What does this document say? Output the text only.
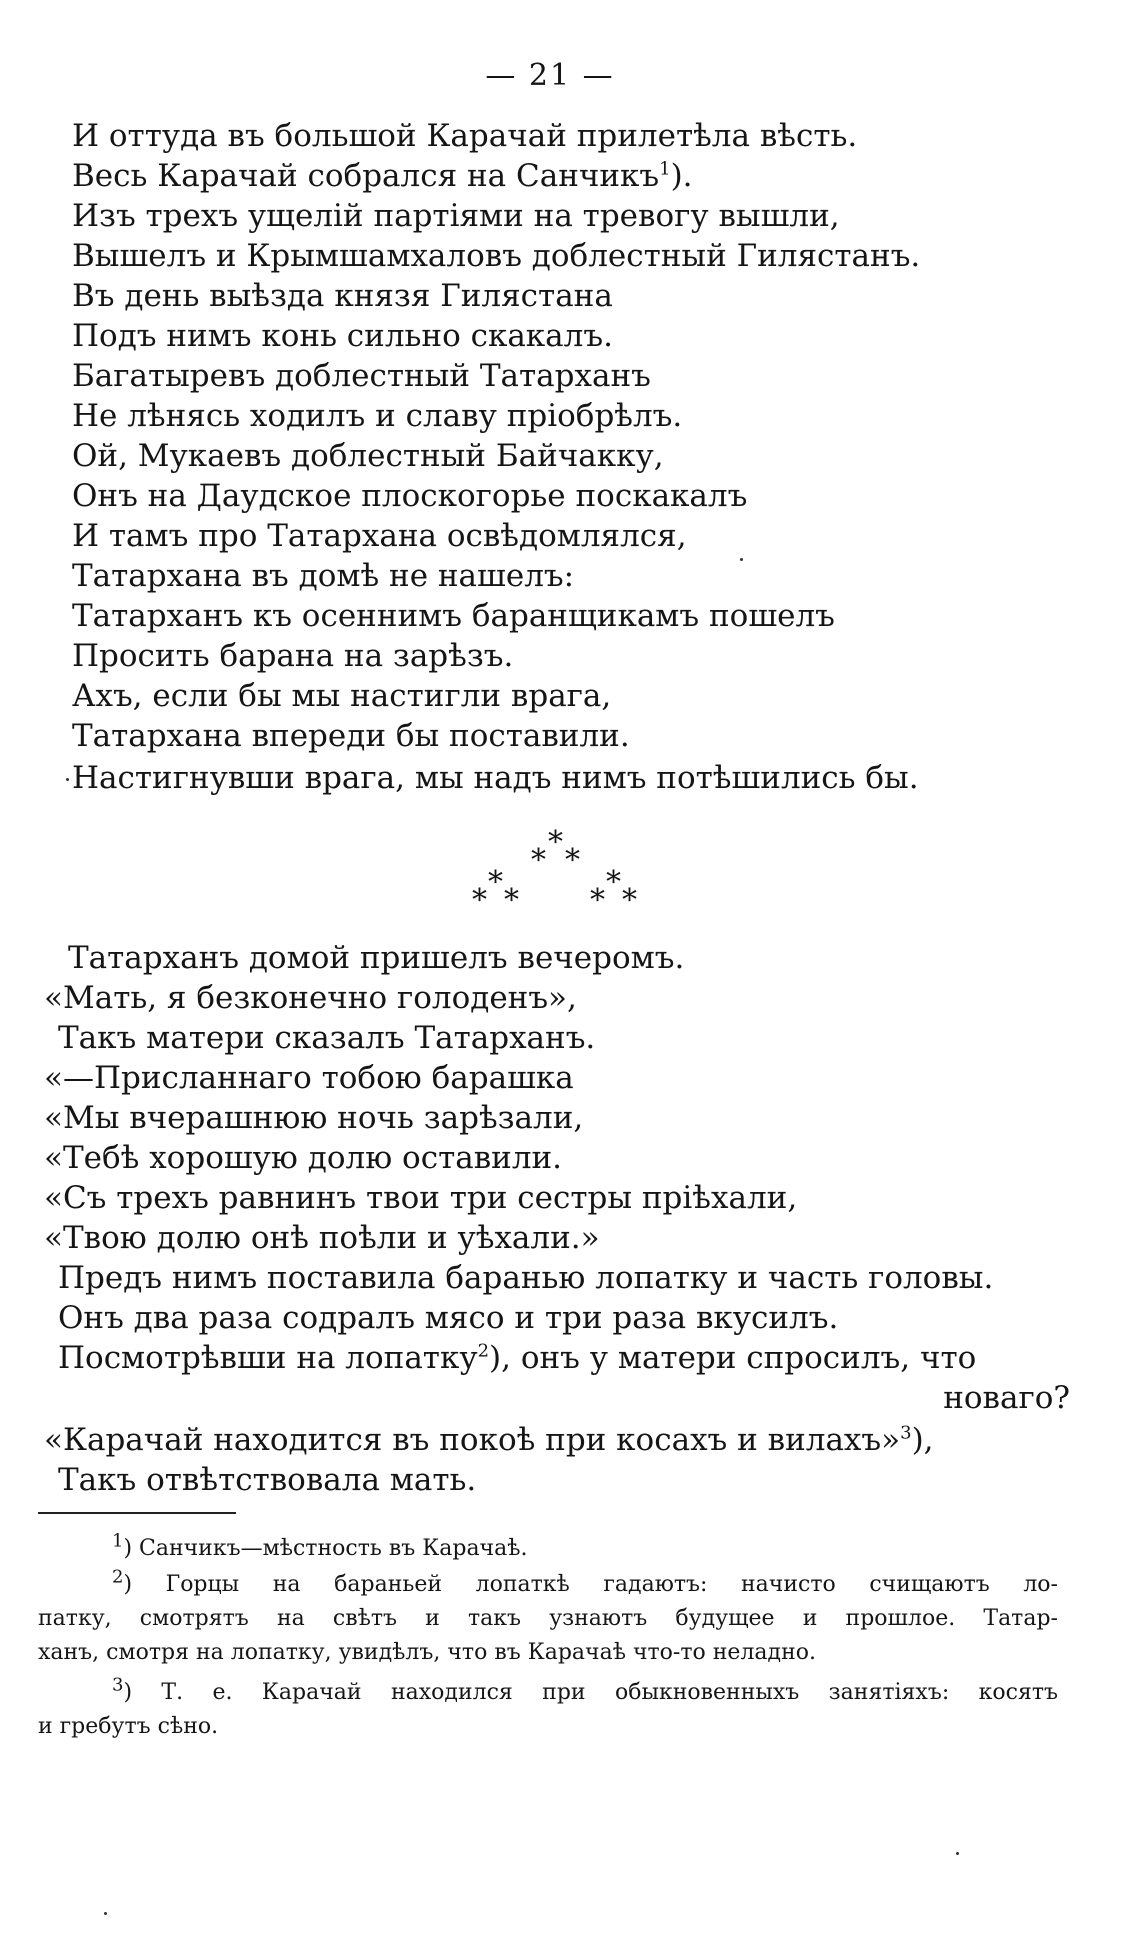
— 21 —
И оттуда въ большой Карачай прилетѣла вѣсть.
Весь Карачай собрался на Санчикъ$^1$).
Изъ трехъ ущелій партіями на тревогу вышли,
Вышелъ и Крымшамхаловъ доблестный Гилястанъ.
Въ день выѣзда князя Гилястана
Подъ нимъ конь сильно скакалъ.
Багатыревъ доблестный Татарханъ
Не лѣнясь ходилъ и славу пріобрѣлъ.
Ой, Мукаевъ доблестный Байчакку,
Онъ на Даудское плоскогорье поскакалъ
И тамъ про Татархана освѣдомлялся,
Татархана въ домѣ не нашелъ:
Татарханъ къ осеннимъ баранщикамъ пошелъ
Просить барана на зарѣзъ.
Ахъ, если бы мы настигли врага,
Татархана впереди бы поставили.
Настигнувши врага, мы надъ нимъ потѣшились бы.
*
* *
*
* *
*
* *
Татарханъ домой пришелъ вечеромъ.
«Мать, я безконечно голоденъ»,
Такъ матери сказалъ Татарханъ.
«—Присланнаго тобою барашка
«Мы вчерашнюю ночь зарѣзали,
«Тебѣ хорошую долю оставили.
«Съ трехъ равнинъ твои три сестры пріѣхали,
«Твою долю онѣ поѣли и уѣхали.»
Предъ нимъ поставила баранью лопатку и часть головы.
Онъ два раза содралъ мясо и три раза вкусилъ.
Посмотрѣвши на лопатку$^2$), онъ у матери спросилъ, что
новаго?
«Карачай находится въ покоѣ при косахъ и вилахъ»$^3$),
Такъ отвѣтствовала мать.
$^1$) Санчикъ—мѣстность въ Карачаѣ.
$^2$) Горцы на бараньей лопаткѣ гадаютъ: начисто счищаютъ ло-
патку, смотрятъ на свѣтъ и такъ узнаютъ будущее и прошлое. Татар-
ханъ, смотря на лопатку, увидѣлъ, что въ Карачаѣ что-то неладно.
$^3$) Т. е. Карачай находился при обыкновенныхъ занятіяхъ: косятъ
и гребутъ сѣно.
